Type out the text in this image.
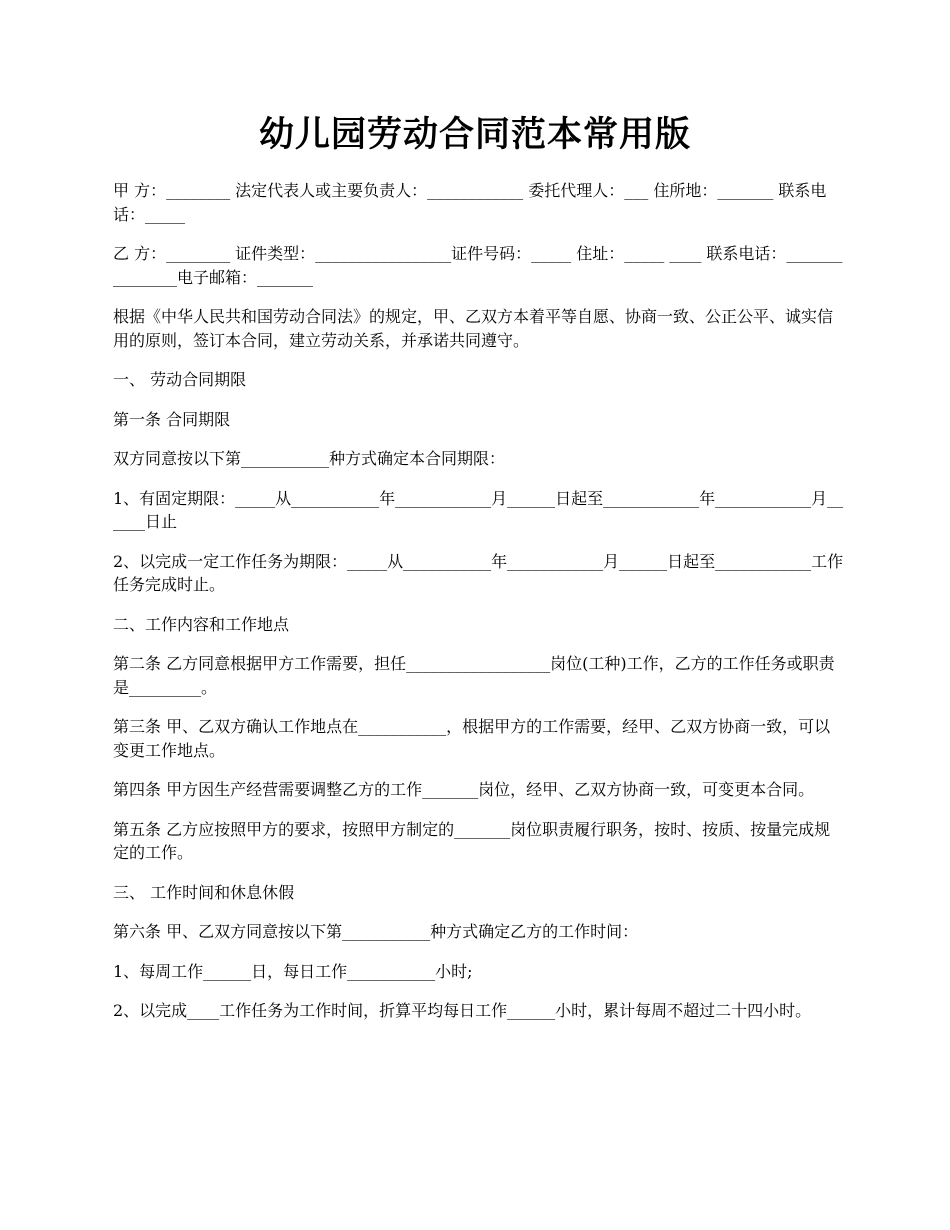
幼儿园劳动合同范本常用版

甲 方：________ 法定代表人或主要负责人：____________ 委托代理人：___ 住所地：_______ 联系电话：_____

乙 方：________ 证件类型：_________________证件号码：_____ 住址：_____ ____ 联系电话：_______________电子邮箱：_______

根据《中华人民共和国劳动合同法》的规定，甲、乙双方本着平等自愿、协商一致、公正公平、诚实信用的原则，签订本合同，建立劳动关系，并承诺共同遵守。

一、 劳动合同期限

第一条 合同期限

双方同意按以下第___________种方式确定本合同期限：

1、有固定期限：_____从___________年____________月______日起至____________年____________月______日止

2、以完成一定工作任务为期限：_____从___________年____________月______日起至____________工作任务完成时止。

二、工作内容和工作地点

第二条 乙方同意根据甲方工作需要，担任__________________岗位(工种)工作，乙方的工作任务或职责是_________。

第三条 甲、乙双方确认工作地点在___________，根据甲方的工作需要，经甲、乙双方协商一致，可以变更工作地点。

第四条 甲方因生产经营需要调整乙方的工作_______岗位，经甲、乙双方协商一致，可变更本合同。

第五条 乙方应按照甲方的要求，按照甲方制定的_______岗位职责履行职务，按时、按质、按量完成规定的工作。

三、 工作时间和休息休假

第六条 甲、乙双方同意按以下第___________种方式确定乙方的工作时间：

1、每周工作______日，每日工作___________小时;

2、以完成____工作任务为工作时间，折算平均每日工作______小时，累计每周不超过二十四小时。
